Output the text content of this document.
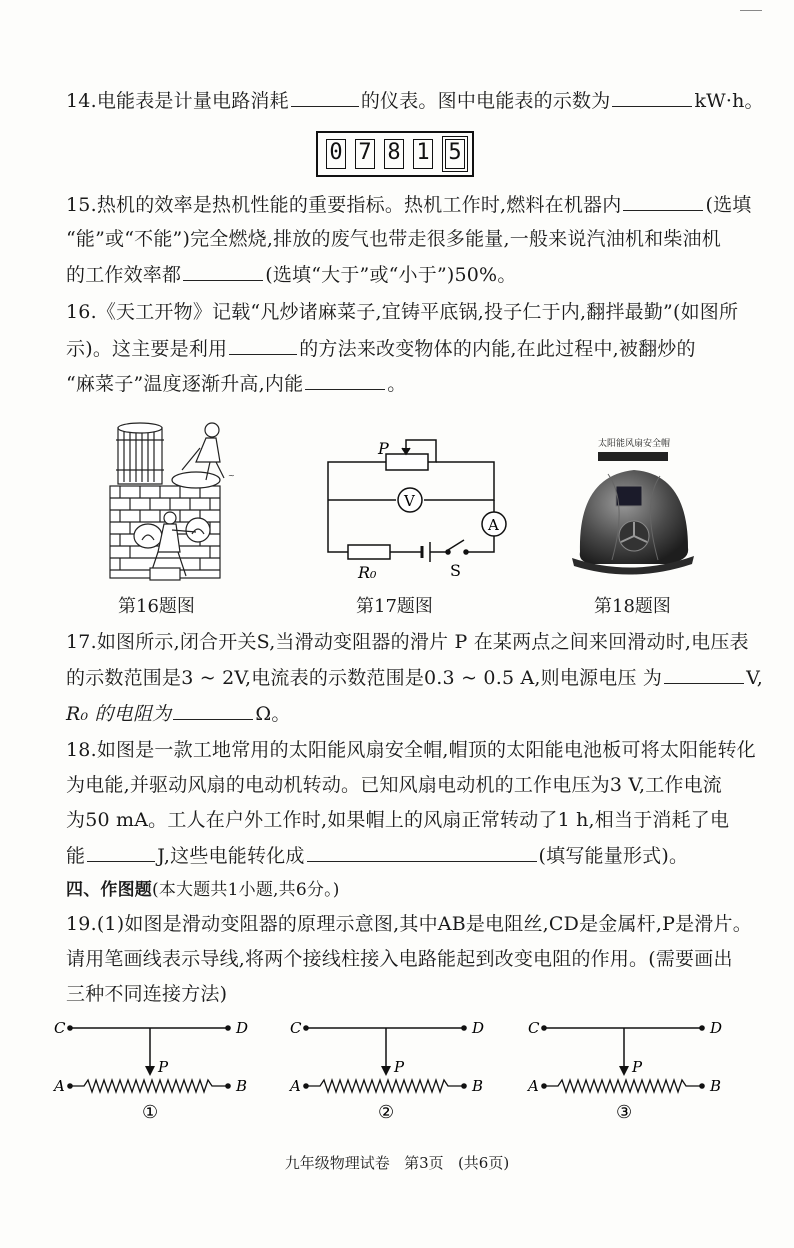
14.电能表是计量电路消耗	的仪表。图中电能表的示数为	kW·h。
0 7 8 1 5
15.热机的效率是热机性能的重要指标。热机工作时,燃料在机器内	(选填
“能”或“不能”)完全燃烧,排放的废气也带走很多能量,一般来说汽油机和柴油机
的工作效率都	(选填“大于”或“小于”)50%。
16.《天工开物》记载“凡炒诸麻菜子,宜铸平底锅,投子仁于内,翻拌最勤”(如图所
示)。这主要是利用	的方法来改变物体的内能,在此过程中,被翻炒的
“麻菜子”温度逐渐升高,内能	。
~
P
V
A
R₀	S
太阳能风扇安全帽
第16题图	第17题图	第18题图
17.如图所示,闭合开关S,当滑动变阻器的滑片 P 在某两点之间来回滑动时,电压表
的示数范围是3 ~ 2V,电流表的示数范围是0.3 ~ 0.5 A,则电源电压 为	V,
R₀ 的电阻为	Ω。
18.如图是一款工地常用的太阳能风扇安全帽,帽顶的太阳能电池板可将太阳能转化
为电能,并驱动风扇的电动机转动。已知风扇电动机的工作电压为3 V,工作电流
为50 mA。工人在户外工作时,如果帽上的风扇正常转动了1 h,相当于消耗了电
能	J,这些电能转化成	(填写能量形式)。
四、作图题(本大题共1小题,共6分。)
19.(1)如图是滑动变阻器的原理示意图,其中AB是电阻丝,CD是金属杆,P是滑片。
请用笔画线表示导线,将两个接线柱接入电路能起到改变电阻的作用。(需要画出
三种不同连接方法)
C	D
A	B
P
①
C	D
A	B
P
②
C	D
A	B
P
③
九年级物理试卷   第3页   (共6页)
